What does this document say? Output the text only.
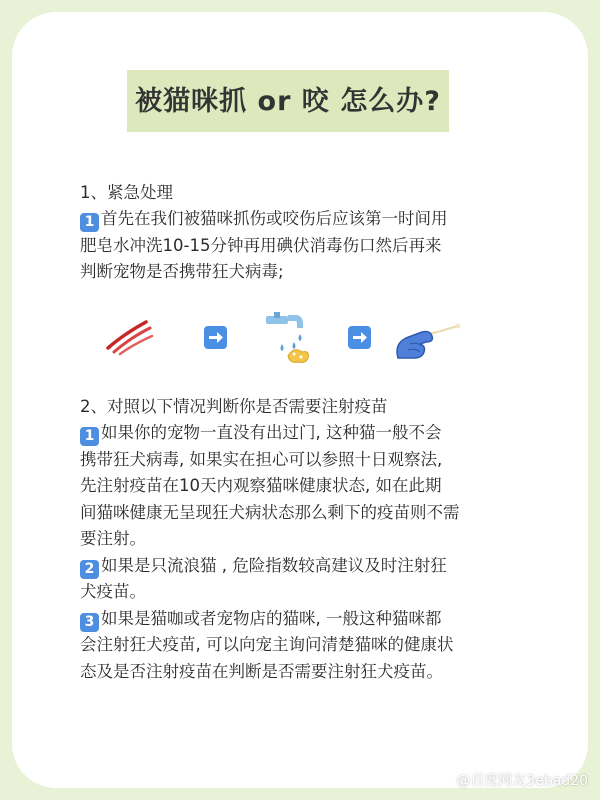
被猫咪抓 or 咬 怎么办?
1、紧急处理
1 首先在我们被猫咪抓伤或咬伤后应该第一时间用
肥皂水冲洗10-15分钟再用碘伏消毒伤口然后再来
判断宠物是否携带狂犬病毒;
2、对照以下情况判断你是否需要注射疫苗
1 如果你的宠物一直没有出过门, 这种猫一般不会
携带狂犬病毒, 如果实在担心可以参照十日观察法,
先注射疫苗在10天内观察猫咪健康状态, 如在此期
间猫咪健康无呈现狂犬病状态那么剩下的疫苗则不需
要注射。
2 如果是只流浪猫 , 危险指数较高建议及时注射狂
犬疫苗。
3 如果是猫咖或者宠物店的猫咪, 一般这种猫咪都
会注射狂犬疫苗, 可以向宠主询问清楚猫咪的健康状
态及是否注射疫苗在判断是否需要注射狂犬疫苗。
@百度网友3ebad20
